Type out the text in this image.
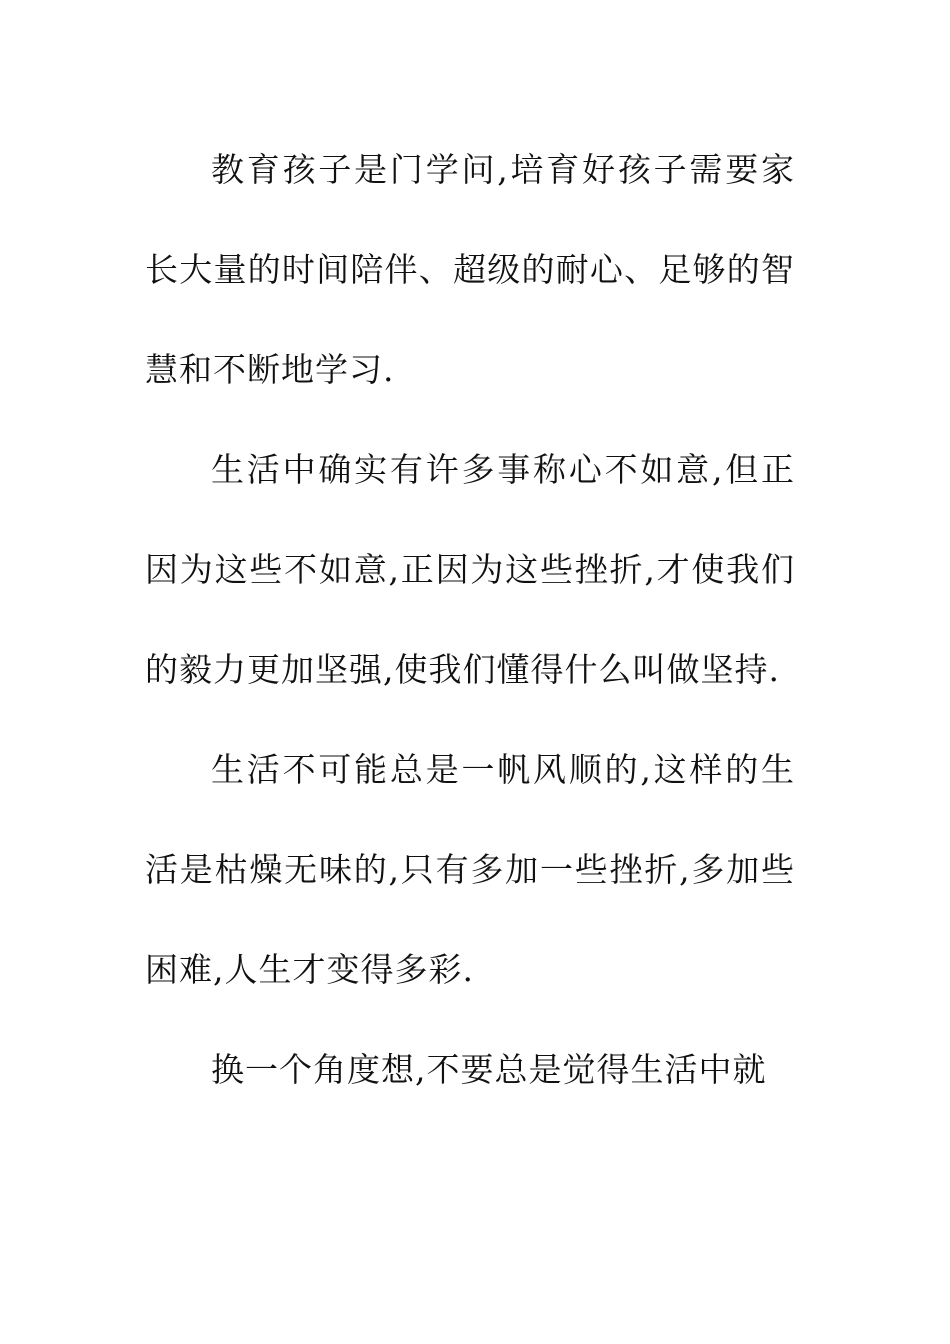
教育孩子是门学问,培育好孩子需要家长大量的时间陪伴、超级的耐心、足够的智慧和不断地学习.

生活中确实有许多事称心不如意,但正因为这些不如意,正因为这些挫折,才使我们的毅力更加坚强,使我们懂得什么叫做坚持.

生活不可能总是一帆风顺的,这样的生活是枯燥无味的,只有多加一些挫折,多加些困难,人生才变得多彩.

换一个角度想,不要总是觉得生活中就
